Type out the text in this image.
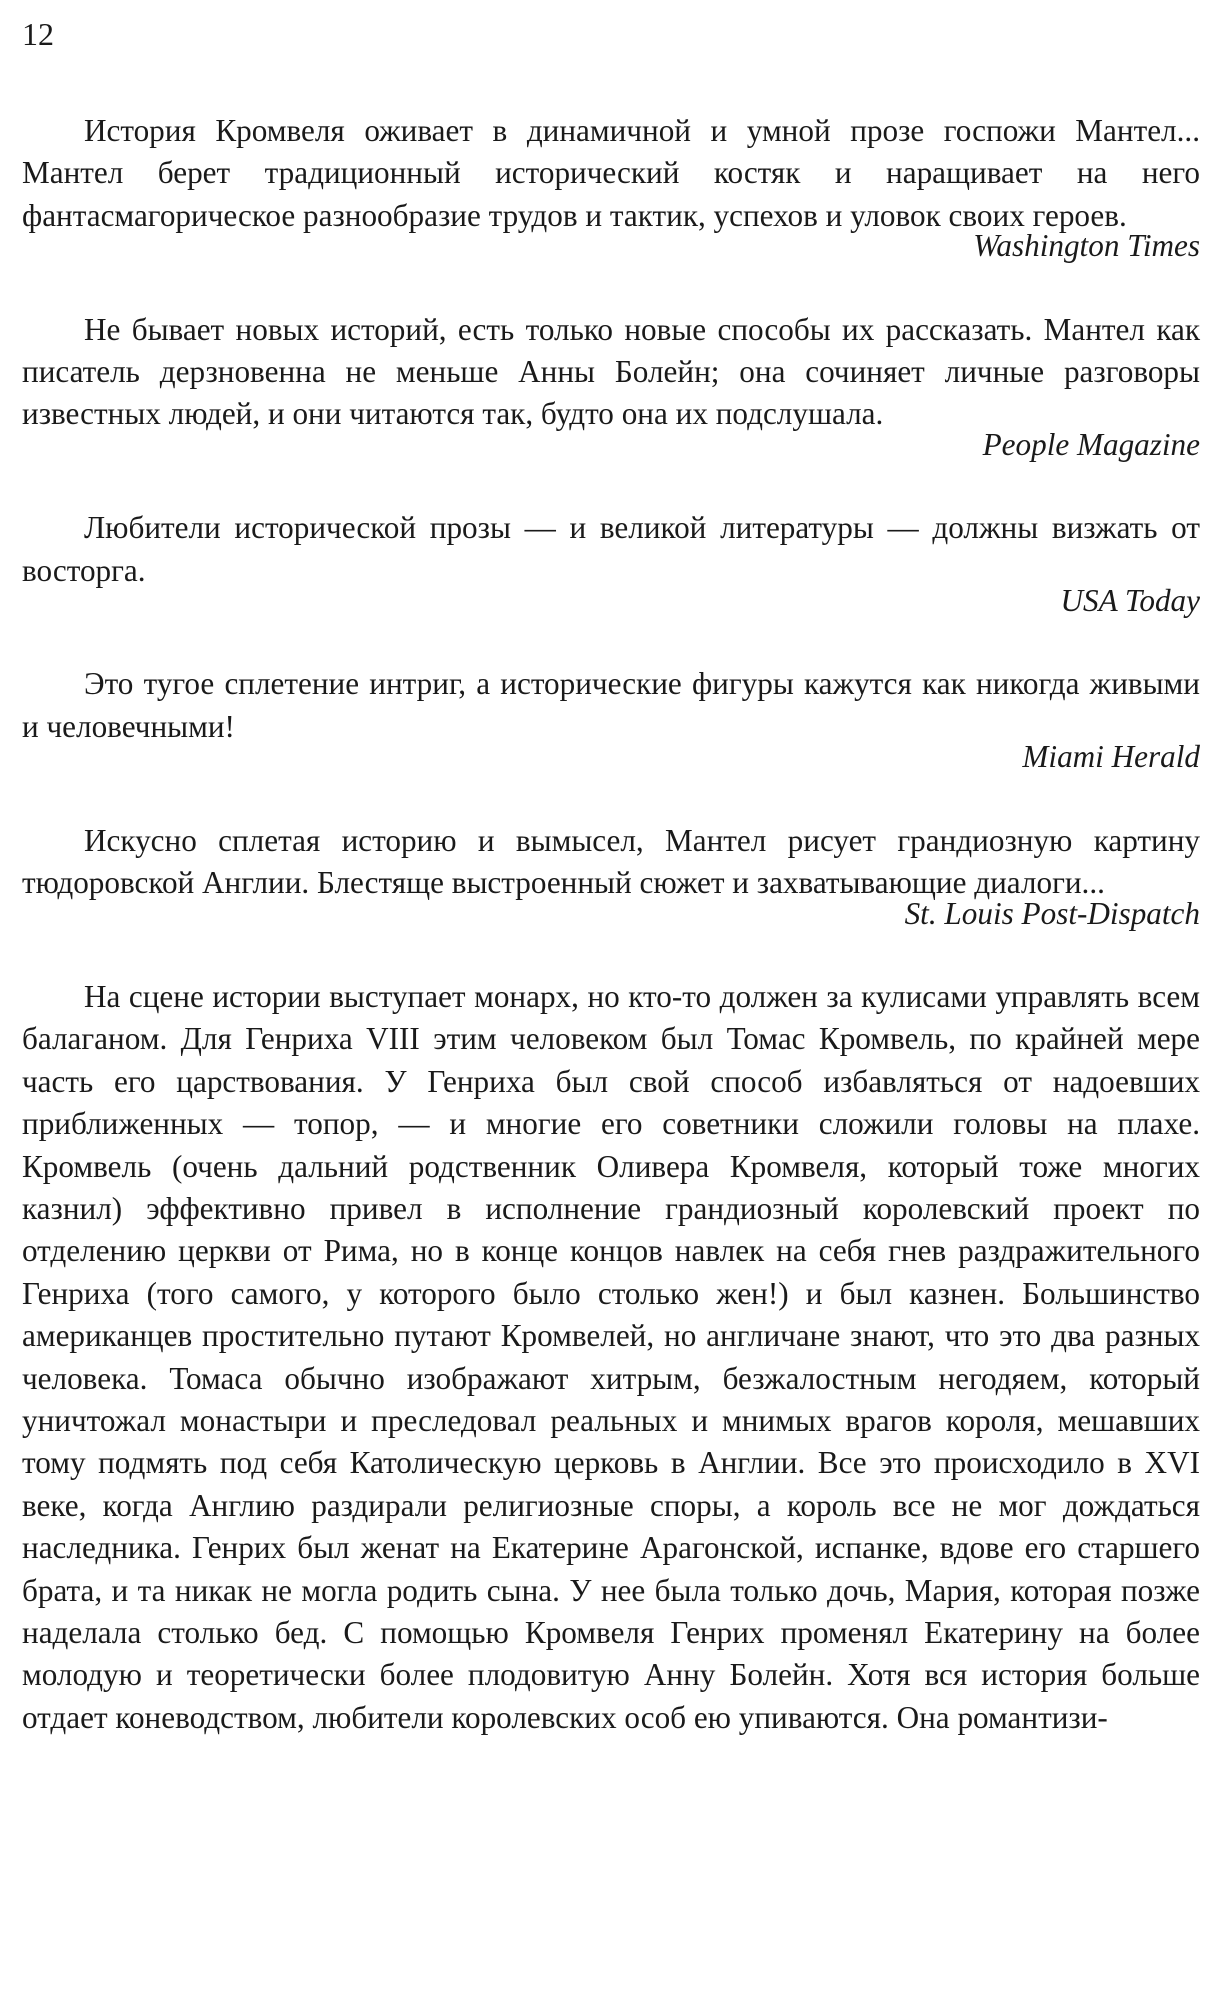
12

История Кромвеля оживает в динамичной и умной прозе госпожи Мантел... Мантел берет традиционный исторический костяк и наращивает на него фантасмагорическое разнообразие трудов и тактик, успехов и уловок своих героев.

Washington Times

Не бывает новых историй, есть только новые способы их рассказать. Мантел как писатель дерзновенна не меньше Анны Болейн; она сочиняет личные разговоры известных людей, и они читаются так, будто она их подслушала.

People Magazine

Любители исторической прозы — и великой литературы — должны визжать от восторга.

USA Today

Это тугое сплетение интриг, а исторические фигуры кажутся как никогда живыми и человечными!

Miami Herald

Искусно сплетая историю и вымысел, Мантел рисует грандиозную картину тюдоровской Англии. Блестяще выстроенный сюжет и захватывающие диалоги...

St. Louis Post-Dispatch

На сцене истории выступает монарх, но кто-то должен за кулисами управлять всем балаганом. Для Генриха VIII этим человеком был Томас Кромвель, по крайней мере часть его царствования. У Генриха был свой способ избавляться от надоевших приближенных — топор, — и многие его советники сложили головы на плахе. Кромвель (очень дальний родственник Оливера Кромвеля, который тоже многих казнил) эффективно привел в исполнение грандиозный королевский проект по отделению церкви от Рима, но в конце концов навлек на себя гнев раздражительного Генриха (того самого, у которого было столько жен!) и был казнен. Большинство американцев простительно путают Кромвелей, но англичане знают, что это два разных человека. Томаса обычно изображают хитрым, безжалостным негодяем, который уничтожал монастыри и преследовал реальных и мнимых врагов короля, мешавших тому подмять под себя Католическую церковь в Англии. Все это происходило в XVI веке, когда Англию раздирали религиозные споры, а король все не мог дождаться наследника. Генрих был женат на Екатерине Арагонской, испанке, вдове его старшего брата, и та никак не могла родить сына. У нее была только дочь, Мария, которая позже наделала столько бед. С помощью Кромвеля Генрих променял Екатерину на более молодую и теоретически более плодовитую Анну Болейн. Хотя вся история больше отдает коневодством, любители королевских особ ею упиваются. Она романтизи-
